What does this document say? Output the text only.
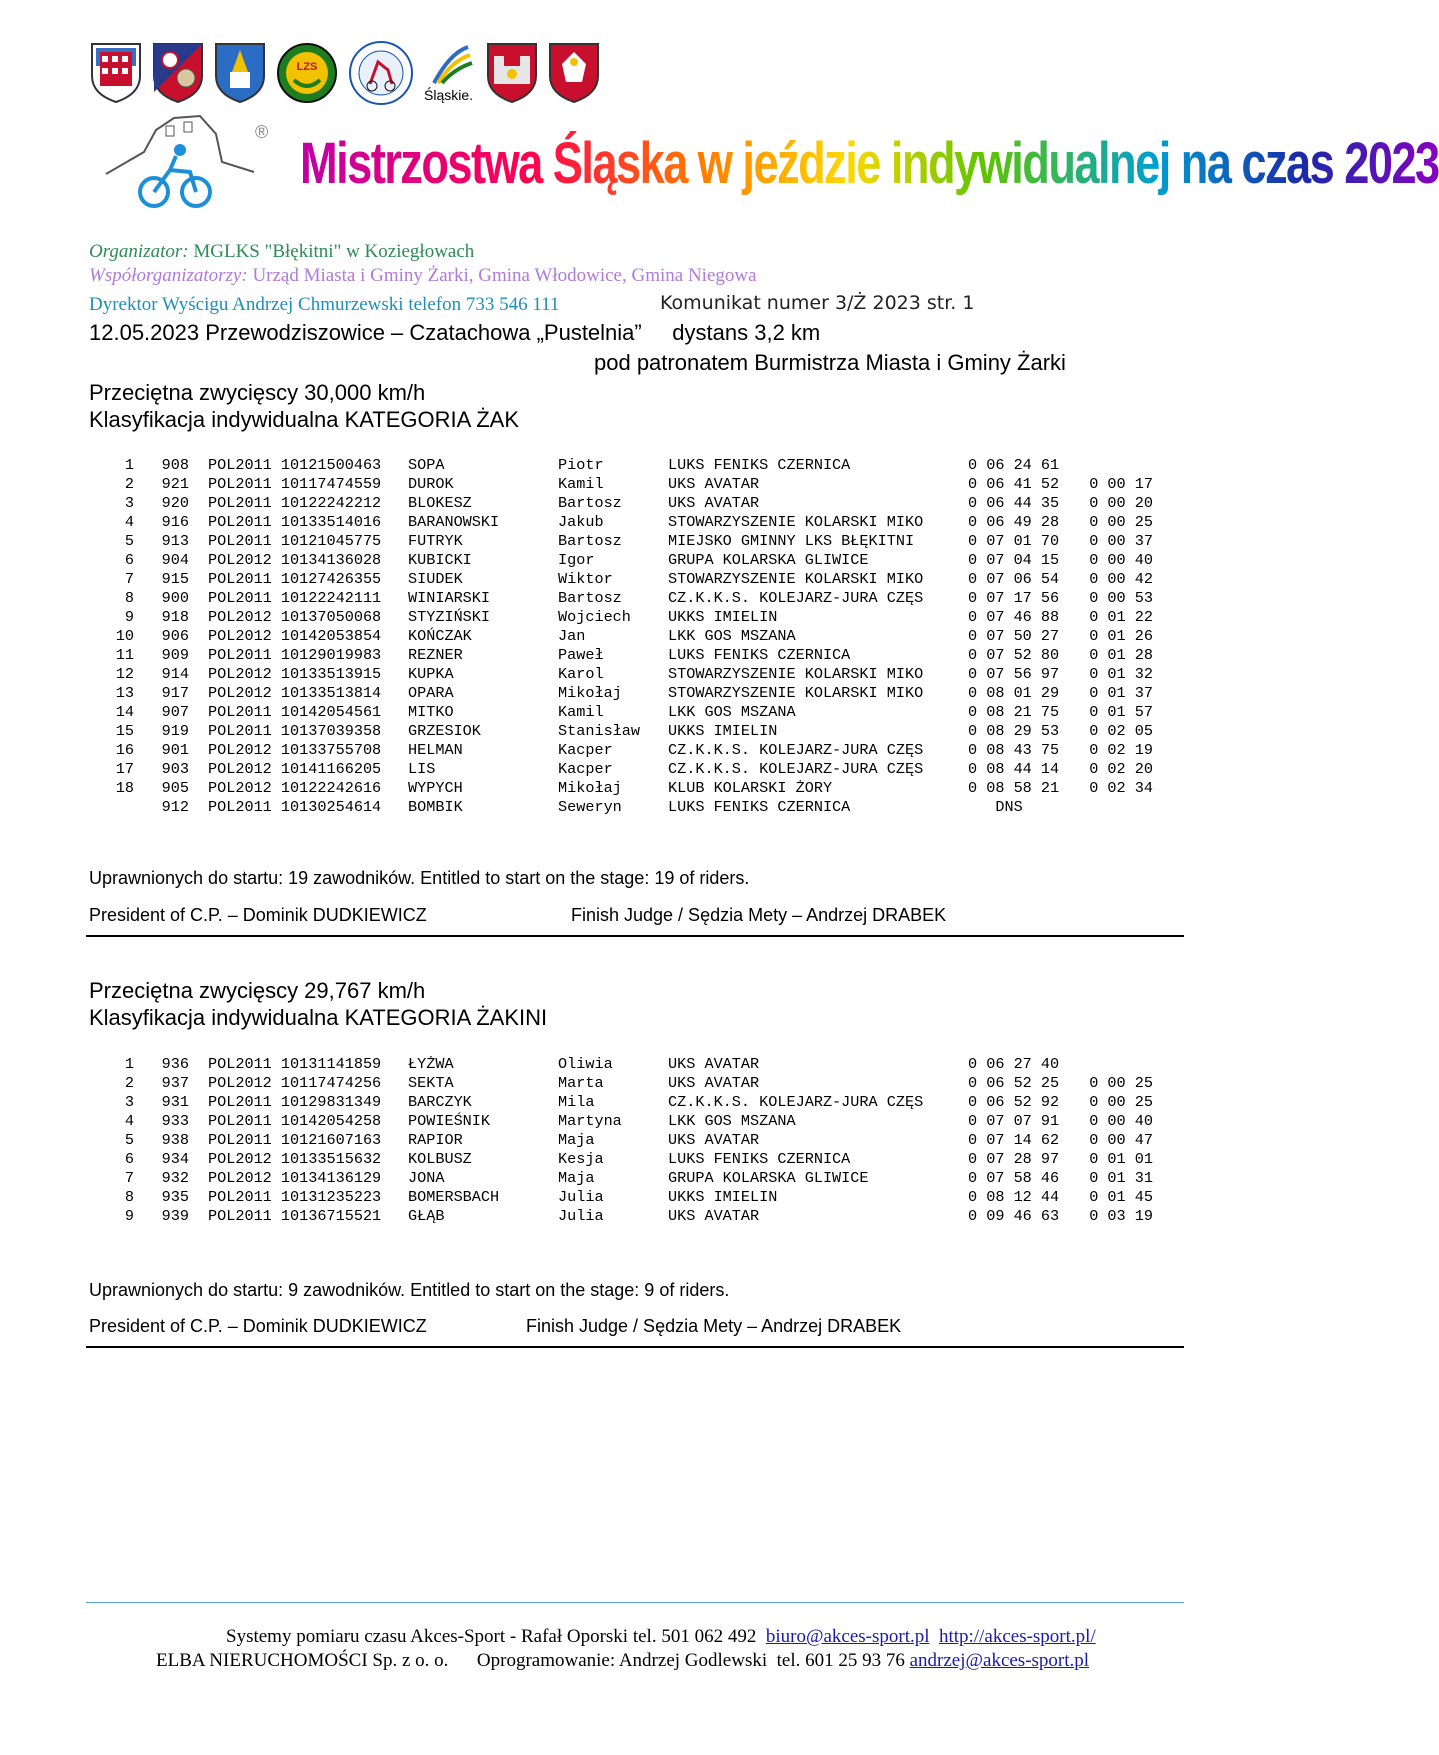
LZS
Śląskie.
® Mistrzostwa Śląska w jeździe indywidualnej na czas 2023
Organizator: MGLKS "Błękitni" w Koziegłowach
Współorganizatorzy: Urząd Miasta i Gminy Żarki, Gmina Włodowice, Gmina Niegowa
Dyrektor Wyścigu Andrzej Chmurzewski telefon 733 546 111	Komunikat numer 3/Ż 2023 str. 1
12.05.2023 Przewodziszowice – Czatachowa „Pustelnia”     dystans 3,2 km
pod patronatem Burmistrza Miasta i Gminy Żarki
Przeciętna zwycięscy 30,000 km/h
Klasyfikacja indywidualna KATEGORIA ŻAK
1	908 POL2011 10121500463	SOPA	Piotr	LUKS FENIKS CZERNICA	0 06 24 61
2	921 POL2011 10117474559	DUROK	Kamil	UKS AVATAR	0 06 41 52	0 00 17
3	920 POL2011 10122242212	BLOKESZ	Bartosz	UKS AVATAR	0 06 44 35	0 00 20
4	916 POL2011 10133514016	BARANOWSKI	Jakub	STOWARZYSZENIE KOLARSKI MIKO	0 06 49 28	0 00 25
5	913 POL2011 10121045775	FUTRYK	Bartosz	MIEJSKO GMINNY LKS BŁĘKITNI	0 07 01 70	0 00 37
6	904 POL2012 10134136028	KUBICKI	Igor	GRUPA KOLARSKA GLIWICE	0 07 04 15	0 00 40
7	915 POL2011 10127426355	SIUDEK	Wiktor	STOWARZYSZENIE KOLARSKI MIKO	0 07 06 54	0 00 42
8	900 POL2011 10122242111	WINIARSKI	Bartosz	CZ.K.K.S. KOLEJARZ-JURA CZĘS	0 07 17 56	0 00 53
9	918 POL2012 10137050068	STYZIŃSKI	Wojciech	UKKS IMIELIN	0 07 46 88	0 01 22
10	906 POL2012 10142053854	KOŃCZAK	Jan	LKK GOS MSZANA	0 07 50 27	0 01 26
11	909 POL2011 10129019983	REZNER	Paweł	LUKS FENIKS CZERNICA	0 07 52 80	0 01 28
12	914 POL2012 10133513915	KUPKA	Karol	STOWARZYSZENIE KOLARSKI MIKO	0 07 56 97	0 01 32
13	917 POL2012 10133513814	OPARA	Mikołaj	STOWARZYSZENIE KOLARSKI MIKO	0 08 01 29	0 01 37
14	907 POL2011 10142054561	MITKO	Kamil	LKK GOS MSZANA	0 08 21 75	0 01 57
15	919 POL2011 10137039358	GRZESIOK	Stanisław	UKKS IMIELIN	0 08 29 53	0 02 05
16	901 POL2012 10133755708	HELMAN	Kacper	CZ.K.K.S. KOLEJARZ-JURA CZĘS	0 08 43 75	0 02 19
17	903 POL2012 10141166205	LIS	Kacper	CZ.K.K.S. KOLEJARZ-JURA CZĘS	0 08 44 14	0 02 20
18	905 POL2012 10122242616	WYPYCH	Mikołaj	KLUB KOLARSKI ŻORY	0 08 58 21	0 02 34
912 POL2011 10130254614	BOMBIK	Seweryn	LUKS FENIKS CZERNICA	DNS
Uprawnionych do startu: 19 zawodników. Entitled to start on the stage: 19 of riders.
President of C.P. – Dominik DUDKIEWICZ	Finish Judge / Sędzia Mety – Andrzej DRABEK
Przeciętna zwycięscy 29,767 km/h
Klasyfikacja indywidualna KATEGORIA ŻAKINI
1	936 POL2011 10131141859	ŁYŻWA	Oliwia	UKS AVATAR	0 06 27 40
2	937 POL2012 10117474256	SEKTA	Marta	UKS AVATAR	0 06 52 25	0 00 25
3	931 POL2011 10129831349	BARCZYK	Mila	CZ.K.K.S. KOLEJARZ-JURA CZĘS	0 06 52 92	0 00 25
4	933 POL2011 10142054258	POWIEŚNIK	Martyna	LKK GOS MSZANA	0 07 07 91	0 00 40
5	938 POL2011 10121607163	RAPIOR	Maja	UKS AVATAR	0 07 14 62	0 00 47
6	934 POL2012 10133515632	KOLBUSZ	Kesja	LUKS FENIKS CZERNICA	0 07 28 97	0 01 01
7	932 POL2012 10134136129	JONA	Maja	GRUPA KOLARSKA GLIWICE	0 07 58 46	0 01 31
8	935 POL2011 10131235223	BOMERSBACH	Julia	UKKS IMIELIN	0 08 12 44	0 01 45
9	939 POL2011 10136715521	GŁĄB	Julia	UKS AVATAR	0 09 46 63	0 03 19
Uprawnionych do startu: 9 zawodników. Entitled to start on the stage: 9 of riders.
President of C.P. – Dominik DUDKIEWICZ	Finish Judge / Sędzia Mety – Andrzej DRABEK
Systemy pomiaru czasu Akces-Sport - Rafał Oporski tel. 501 062 492 biuro@akces-sport.pl http://akces-sport.pl/
ELBA NIERUCHOMOŚCI Sp. z o. o. Oprogramowanie: Andrzej Godlewski  tel. 601 25 93 76 andrzej@akces-sport.pl
